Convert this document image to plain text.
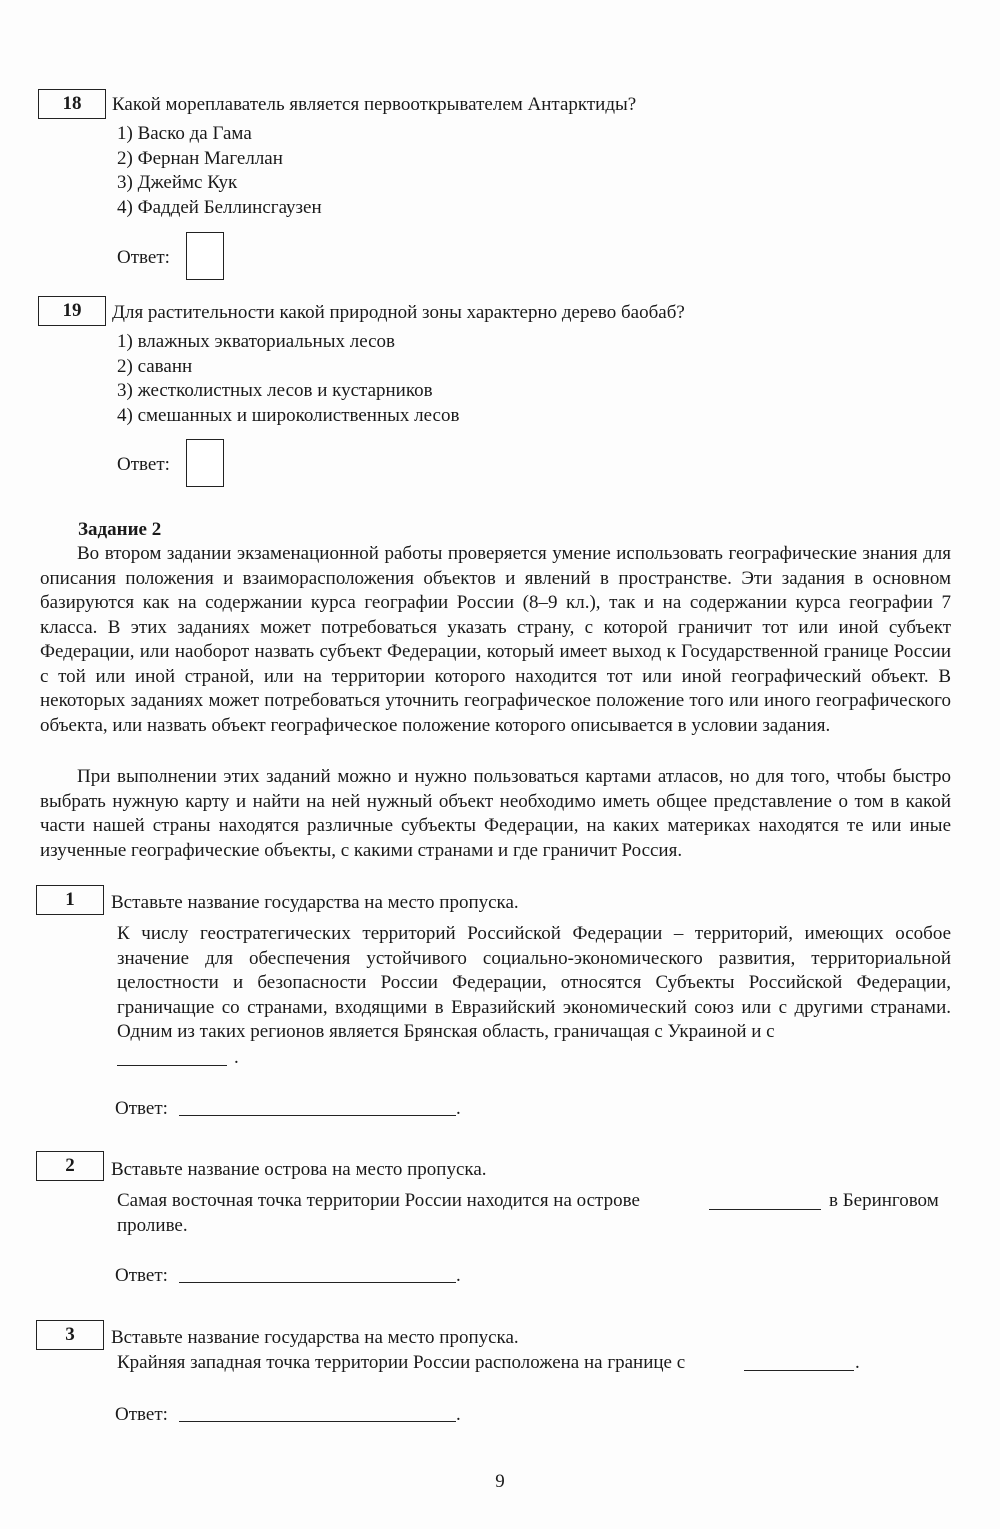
18	Какой мореплаватель является первооткрывателем Антарктиды?
1) Васко да Гама
2) Фернан Магеллан
3) Джеймс Кук
4) Фаддей Беллинсгаузен
Ответ:
19	Для растительности какой природной зоны характерно дерево баобаб?
1) влажных экваториальных лесов
2) саванн
3) жестколистных лесов и кустарников
4) смешанных и широколиственных лесов
Ответ:
Задание 2
Во втором задании экзаменационной работы проверяется умение использовать географические знания для описания положения и взаиморасположения объектов и явлений в пространстве. Эти задания в основном базируются как на содержании курса географии России (8–9 кл.), так и на содержании курса географии 7 класса. В этих заданиях может потребоваться указать страну, с которой граничит тот или иной субъект Федерации, или наоборот назвать субъект Федерации, который имеет выход к Государственной границе России с той или иной страной, или на территории которого находится тот или иной географический объект. В некоторых заданиях может потребоваться уточнить географическое положение того или иного географического объекта, или назвать объект географическое положение которого описывается в условии задания.
При выполнении этих заданий можно и нужно пользоваться картами атласов, но для того, чтобы быстро выбрать нужную карту и найти на ней нужный объект необходимо иметь общее представление о том в какой части нашей страны находятся различные субъекты Федерации, на каких материках находятся те или иные изученные географические объекты, с какими странами и где граничит Россия.
1	Вставьте название государства на место пропуска.
К числу геостратегических территорий Российской Федерации – территорий, имеющих особое значение для обеспечения устойчивого социально-экономического развития, территориальной целостности и безопасности России Федерации, относятся Субъекты Российской Федерации, граничащие со странами, входящими в Евразийский экономический союз или с другими странами. Одним из таких регионов является Брянская область, граничащая с Украиной и с
.
Ответ:	.
2	Вставьте название острова на место пропуска.
Самая восточная точка территории России находится на острове	в Беринговом
проливе.
Ответ:	.
3	Вставьте название государства на место пропуска.
Крайняя западная точка территории России расположена на границе с	.
Ответ:	.
9
